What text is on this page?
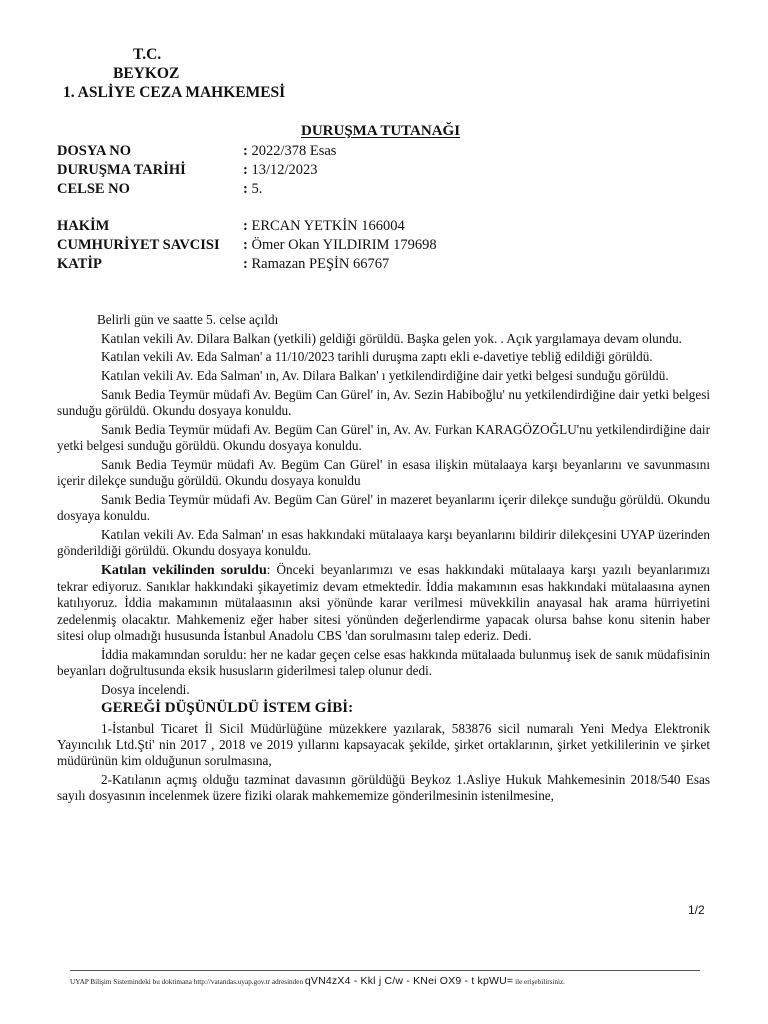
T.C.
BEYKOZ
1. ASLİYE CEZA MAHKEMESİ
DURUŞMA TUTANAĞI
DOSYA NO	: 2022/378 Esas
DURUŞMA TARİHİ	: 13/12/2023
CELSE NO	: 5.
HAKİM	: ERCAN YETKİN 166004
CUMHURİYET SAVCISI	: Ömer Okan YILDIRIM 179698
KATİP	: Ramazan PEŞİN 66767

Belirli gün ve saatte 5. celse açıldı

Katılan vekili Av. Dilara Balkan (yetkili) geldiği görüldü. Başka gelen yok. . Açık yargılamaya devam olundu.

Katılan vekili Av. Eda Salman' a 11/10/2023 tarihli duruşma zaptı ekli e-davetiye tebliğ edildiği görüldü.

Katılan vekili Av. Eda Salman' ın, Av. Dilara Balkan' ı yetkilendirdiğine dair yetki belgesi sunduğu görüldü.

Sanık Bedia Teymür müdafi Av. Begüm Can Gürel' in, Av. Sezin Habiboğlu' nu yetkilendirdiğine dair yetki belgesi sunduğu görüldü. Okundu dosyaya konuldu.

Sanık Bedia Teymür müdafi Av. Begüm Can Gürel' in, Av. Av. Furkan KARAGÖZOĞLU'nu yetkilendirdiğine dair yetki belgesi sunduğu görüldü. Okundu dosyaya konuldu.

Sanık Bedia Teymür müdafi Av. Begüm Can Gürel' in esasa ilişkin mütalaaya karşı beyanlarını ve savunmasını içerir dilekçe sunduğu görüldü. Okundu dosyaya konuldu

Sanık Bedia Teymür müdafi Av. Begüm Can Gürel' in mazeret beyanlarını içerir dilekçe sunduğu görüldü. Okundu dosyaya konuldu.

Katılan vekili Av. Eda Salman' ın esas hakkındaki mütalaaya karşı beyanlarını bildirir dilekçesini UYAP üzerinden gönderildiği görüldü. Okundu dosyaya konuldu.

Katılan vekilinden soruldu: Önceki beyanlarımızı ve esas hakkındaki mütalaaya karşı yazılı beyanlarımızı tekrar ediyoruz. Sanıklar hakkındaki şikayetimiz devam etmektedir. İddia makamının esas hakkındaki mütalaasına aynen katılıyoruz. İddia makamının mütalaasının aksi yönünde karar verilmesi müvekkilin anayasal hak arama hürriyetini zedelenmiş olacaktır. Mahkemeniz eğer haber sitesi yönünden değerlendirme yapacak olursa bahse konu sitenin haber sitesi olup olmadığı hususunda İstanbul Anadolu CBS 'dan sorulmasını talep ederiz. Dedi.

İddia makamından soruldu: her ne kadar geçen celse esas hakkında mütalaada bulunmuş isek de sanık müdafisinin beyanları doğrultusunda eksik hususların giderilmesi talep olunur dedi.

Dosya incelendi.

GEREĞİ DÜŞÜNÜLDÜ İSTEM GİBİ:

1-İstanbul Ticaret İl Sicil Müdürlüğüne müzekkere yazılarak, 583876 sicil numaralı Yeni Medya Elektronik Yayıncılık Ltd.Şti' nin 2017 , 2018 ve 2019 yıllarını kapsayacak şekilde, şirket ortaklarının, şirket yetkililerinin ve şirket müdürünün kim olduğunun sorulmasına,

2-Katılanın açmış olduğu tazminat davasının görüldüğü Beykoz 1.Asliye Hukuk Mahkemesinin 2018/540 Esas sayılı dosyasının incelenmek üzere fiziki olarak mahkememize gönderilmesinin istenilmesine,

1/2
UYAP Bilişim Sistemindeki bu doktimana http://vatandas.uyap.gov.tr adresinden qVN4zX4 - Kkl j C/w - KNei OX9 - t kpWU= ile erişebilirsiniz.
